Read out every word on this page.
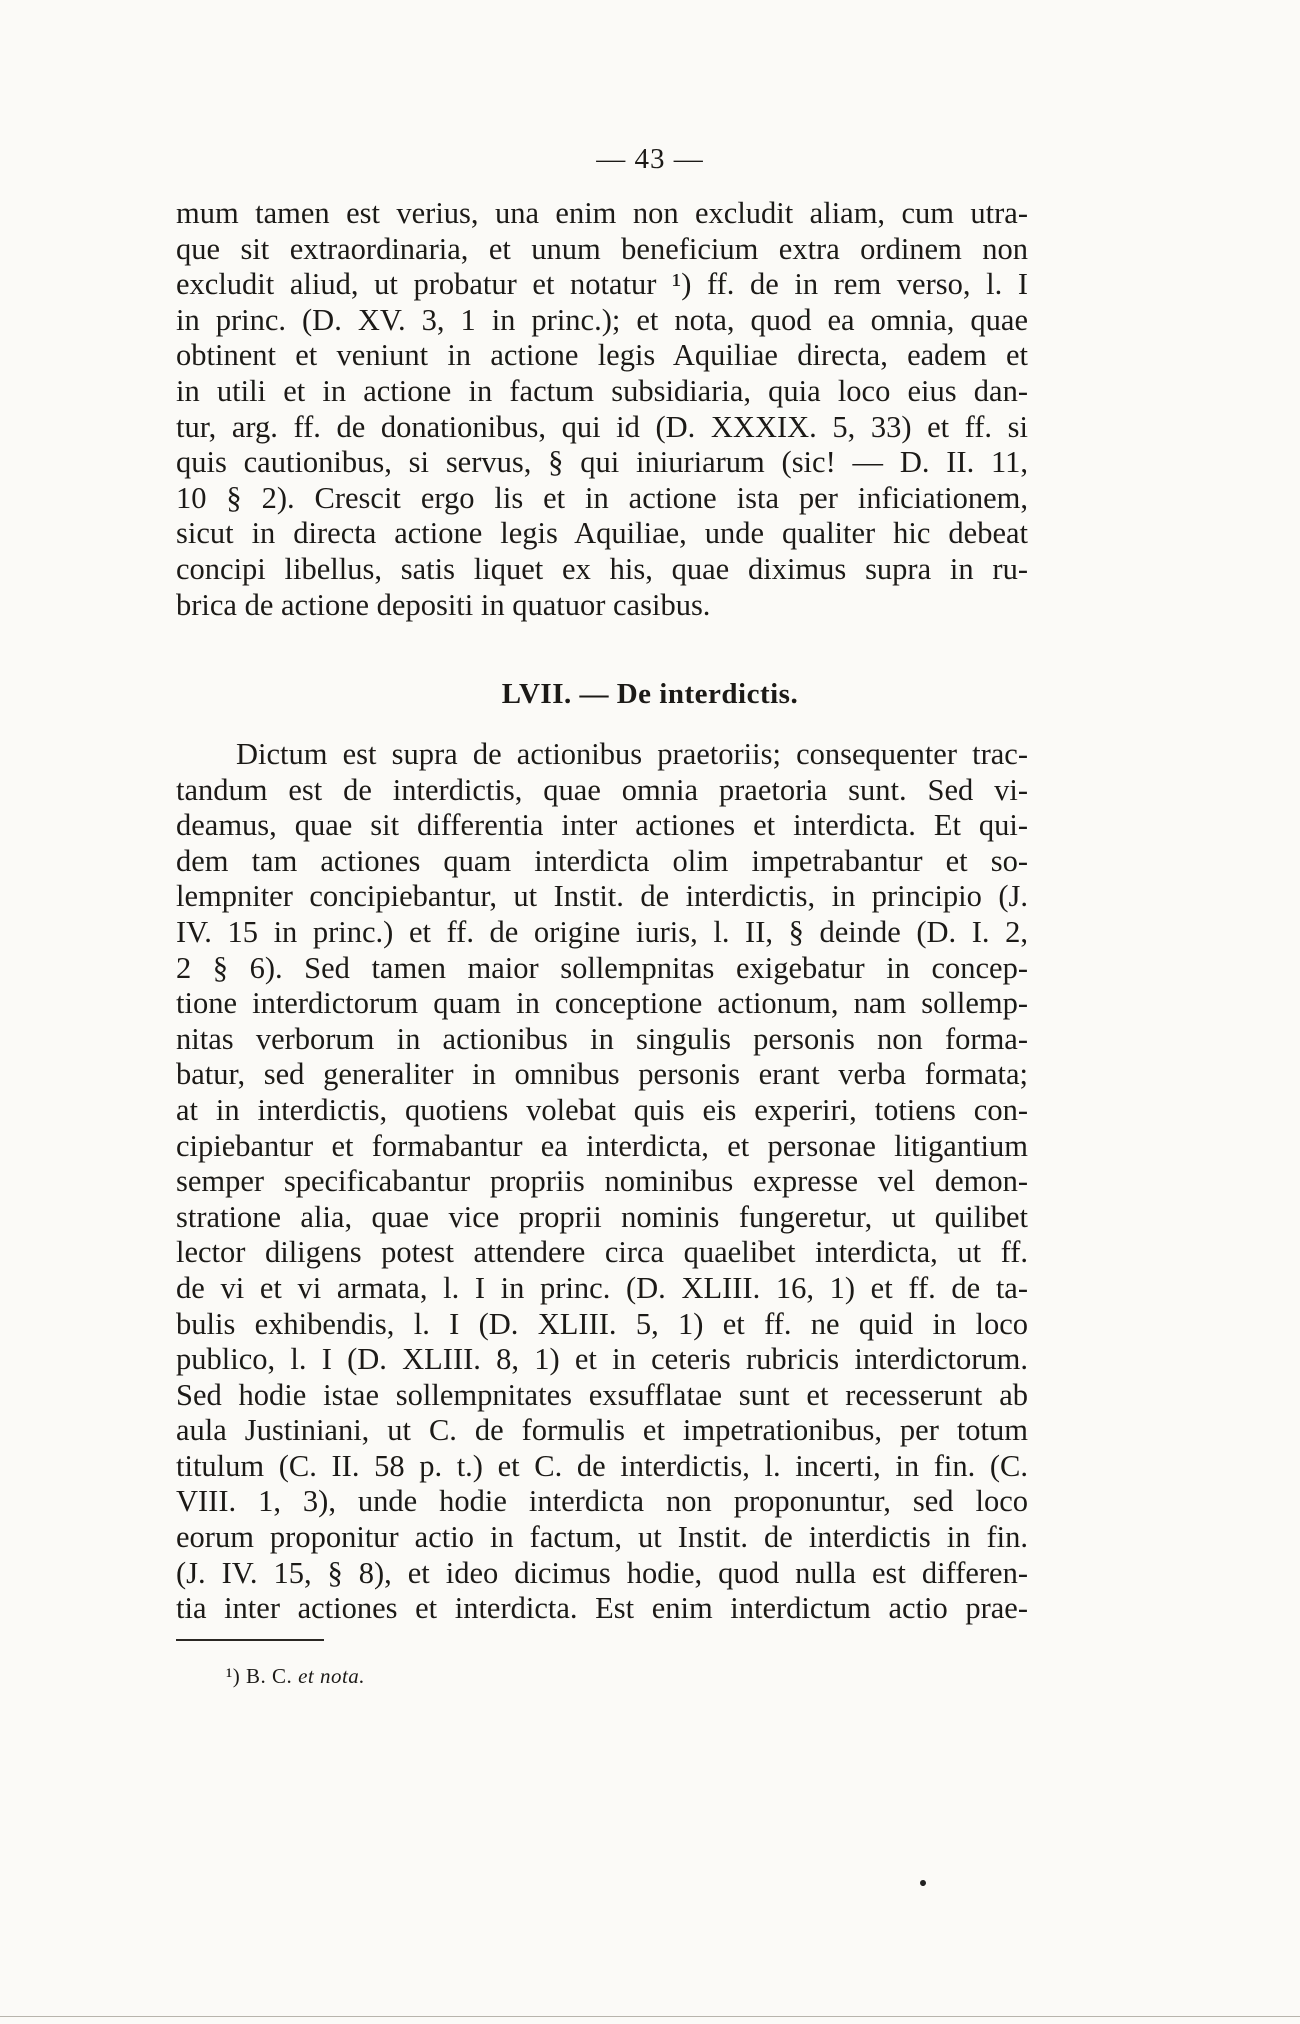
— 43 —
mum tamen est verius, una enim non excludit aliam, cum utra-
que sit extraordinaria, et unum beneficium extra ordinem non
excludit aliud, ut probatur et notatur ¹) ff. de in rem verso, l. I
in princ. (D. XV. 3, 1 in princ.); et nota, quod ea omnia, quae
obtinent et veniunt in actione legis Aquiliae directa, eadem et
in utili et in actione in factum subsidiaria, quia loco eius dan-
tur, arg. ff. de donationibus, qui id (D. XXXIX. 5, 33) et ff. si
quis cautionibus, si servus, § qui iniuriarum (sic! — D. II. 11,
10 § 2). Crescit ergo lis et in actione ista per inficiationem,
sicut in directa actione legis Aquiliae, unde qualiter hic debeat
concipi libellus, satis liquet ex his, quae diximus supra in ru-
brica de actione depositi in quatuor casibus.
LVII. — De interdictis.
Dictum est supra de actionibus praetoriis; consequenter trac-
tandum est de interdictis, quae omnia praetoria sunt. Sed vi-
deamus, quae sit differentia inter actiones et interdicta. Et qui-
dem tam actiones quam interdicta olim impetrabantur et so-
lempniter concipiebantur, ut Instit. de interdictis, in principio (J.
IV. 15 in princ.) et ff. de origine iuris, l. II, § deinde (D. I. 2,
2 § 6). Sed tamen maior sollempnitas exigebatur in concep-
tione interdictorum quam in conceptione actionum, nam sollemp-
nitas verborum in actionibus in singulis personis non forma-
batur, sed generaliter in omnibus personis erant verba formata;
at in interdictis, quotiens volebat quis eis experiri, totiens con-
cipiebantur et formabantur ea interdicta, et personae litigantium
semper specificabantur propriis nominibus expresse vel demon-
stratione alia, quae vice proprii nominis fungeretur, ut quilibet
lector diligens potest attendere circa quaelibet interdicta, ut ff.
de vi et vi armata, l. I in princ. (D. XLIII. 16, 1) et ff. de ta-
bulis exhibendis, l. I (D. XLIII. 5, 1) et ff. ne quid in loco
publico, l. I (D. XLIII. 8, 1) et in ceteris rubricis interdictorum.
Sed hodie istae sollempnitates exsufflatae sunt et recesserunt ab
aula Justiniani, ut C. de formulis et impetrationibus, per totum
titulum (C. II. 58 p. t.) et C. de interdictis, l. incerti, in fin. (C.
VIII. 1, 3), unde hodie interdicta non proponuntur, sed loco
eorum proponitur actio in factum, ut Instit. de interdictis in fin.
(J. IV. 15, § 8), et ideo dicimus hodie, quod nulla est differen-
tia inter actiones et interdicta. Est enim interdictum actio prae-
¹) B. C. et nota.
